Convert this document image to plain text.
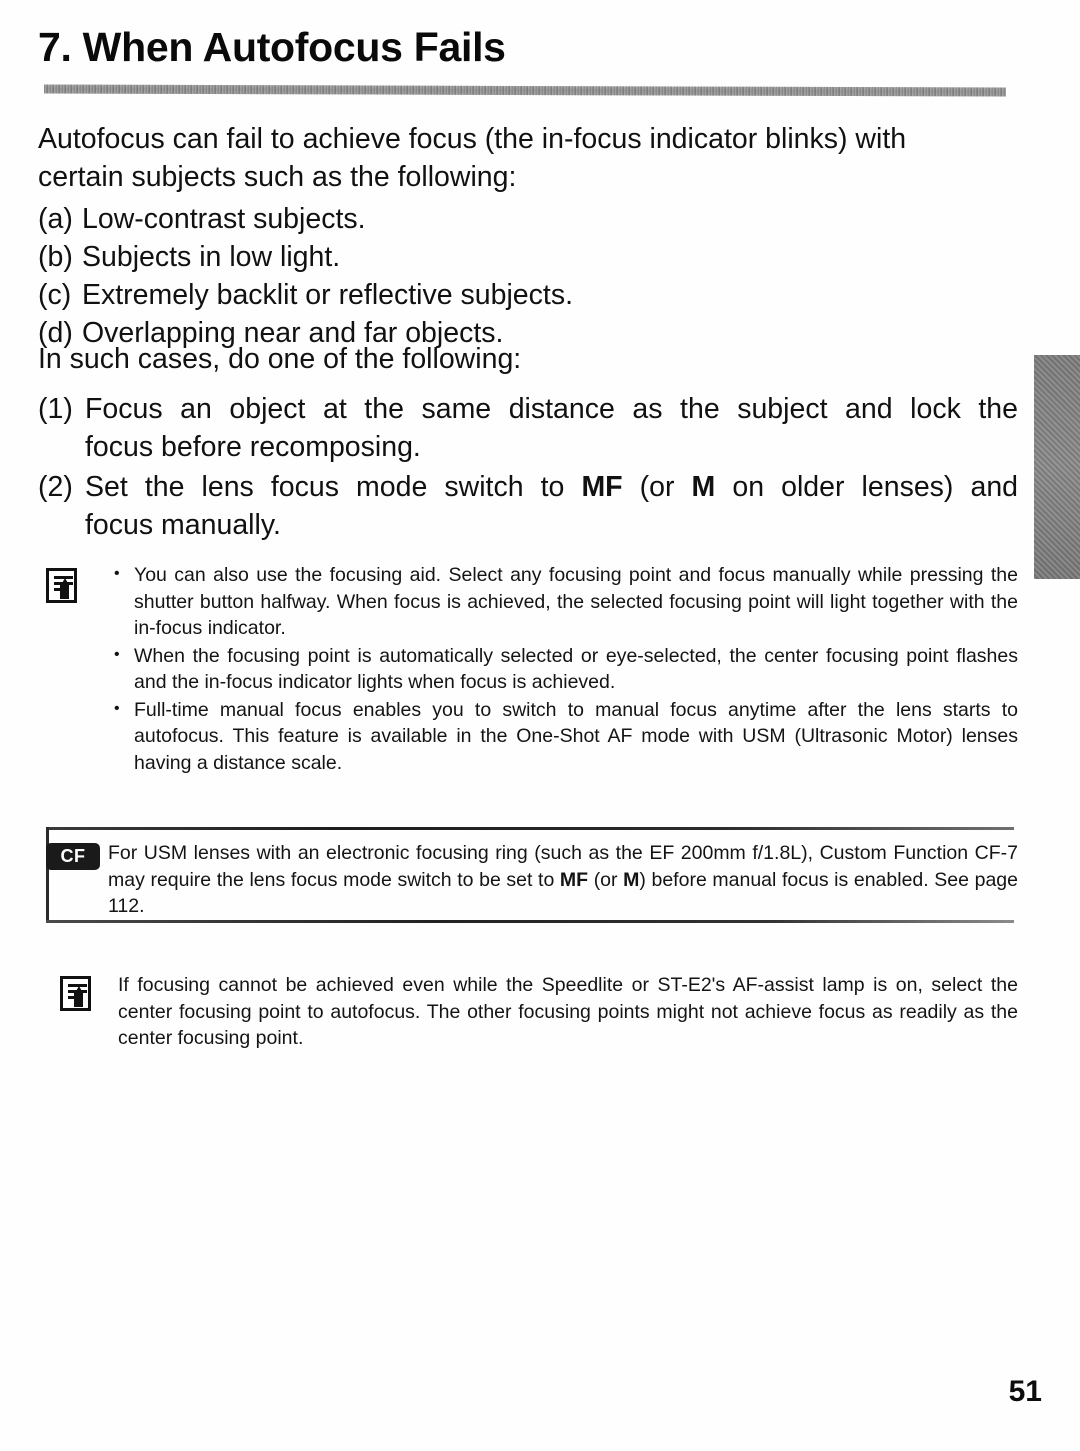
7. When Autofocus Fails
Autofocus can fail to achieve focus (the in-focus indicator blinks) with
certain subjects such as the following:
(a) Low-contrast subjects.
(b) Subjects in low light.
(c) Extremely backlit or reflective subjects.
(d) Overlapping near and far objects.
In such cases, do one of the following:
(1) Focus an object at the same distance as the subject and lock the
focus before recomposing.
(2) Set the lens focus mode switch to MF (or M on older lenses) and
focus manually.
• You can also use the focusing aid. Select any focusing point and focus manually while pressing the shutter button halfway. When focus is achieved, the selected focusing point will light together with the in-focus indicator.
• When the focusing point is automatically selected or eye-selected, the center focusing point flashes and the in-focus indicator lights when focus is achieved.
• Full-time manual focus enables you to switch to manual focus anytime after the lens starts to autofocus. This feature is available in the One-Shot AF mode with USM (Ultrasonic Motor) lenses having a distance scale.
CF	For USM lenses with an electronic focusing ring (such as the EF 200mm f/1.8L), Custom Function CF-7 may require the lens focus mode switch to be set to MF (or M) before manual focus is enabled. See page 112.
If focusing cannot be achieved even while the Speedlite or ST-E2's AF-assist lamp is on, select the center focusing point to autofocus. The other focusing points might not achieve focus as readily as the center focusing point.
51
